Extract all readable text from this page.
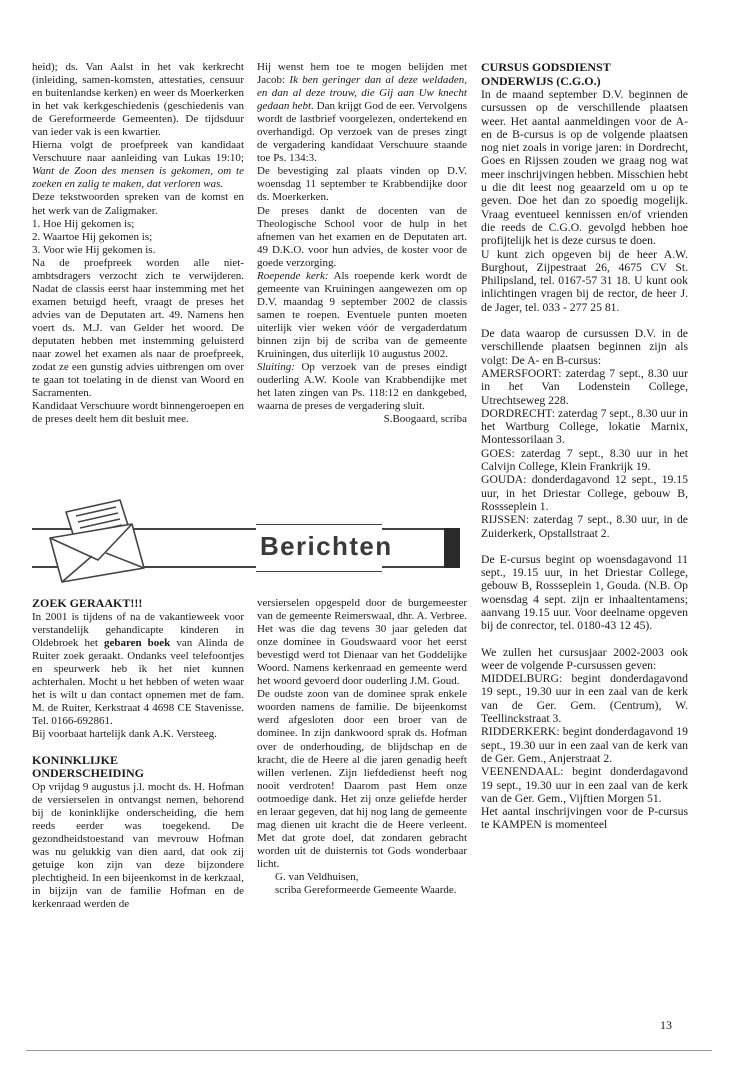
heid); ds. Van Aalst in het vak kerkrecht (inleiding, samen-komsten, attestaties, censuur en buitenlandse kerken) en weer ds Moerkerken in het vak kerkgeschiedenis (geschiedenis van de Gereformeerde Gemeenten). De tijdsduur van ieder vak is een kwartier.

Hierna volgt de proefpreek van kandidaat Verschuure naar aanleiding van Lukas 19:10; Want de Zoon des mensen is gekomen, om te zoeken en zalig te maken, dat verloren was.

Deze tekstwoorden spreken van de komst en het werk van de Zaligmaker.

1. Hoe Hij gekomen is;

2. Waartoe Hij gekomen is;

3. Voor wie Hij gekomen is.

Na de proefpreek worden alle niet-ambtsdragers verzocht zich te verwijderen. Nadat de classis eerst haar instemming met het examen betuigd heeft, vraagt de preses het advies van de Deputaten art. 49. Namens hen voert ds. M.J. van Gelder het woord. De deputaten hebben met instemming geluisterd naar zowel het examen als naar de proefpreek, zodat ze een gunstig advies uitbrengen om over te gaan tot toelating in de dienst van Woord en Sacramenten.

Kandidaat Verschuure wordt binnengeroepen en de preses deelt hem dit besluit mee.

Hij wenst hem toe te mogen belijden met Jacob: Ik ben geringer dan al deze weldaden, en dan al deze trouw, die Gij aan Uw knecht gedaan hebt. Dan krijgt God de eer. Vervolgens wordt de lastbrief voorgelezen, ondertekend en overhandigd. Op verzoek van de preses zingt de vergadering kandidaat Verschuure staande toe Ps. 134:3.

De bevestiging zal plaats vinden op D.V. woensdag 11 september te Krabbendijke door ds. Moerkerken.

De preses dankt de docenten van de Theologische School voor de hulp in het afnemen van het examen en de Deputaten art. 49 D.K.O. voor hun advies, de koster voor de goede verzorging.

Roepende kerk: Als roepende kerk wordt de gemeente van Kruiningen aangewezen om op D.V. maandag 9 september 2002 de classis samen te roepen. Eventuele punten moeten uiterlijk vier weken vóór de vergaderdatum binnen zijn bij de scriba van de gemeente Kruiningen, dus uiterlijk 10 augustus 2002.

Sluiting: Op verzoek van de preses eindigt ouderling A.W. Koole van Krabbendijke met het laten zingen van Ps. 118:12 en dankgebed, waarna de preses de vergadering sluit.

S.Boogaard, scriba

CURSUS GODSDIENST
ONDERWIJS (C.G.O.)

In de maand september D.V. beginnen de cursussen op de verschillende plaatsen weer. Het aantal aanmeldingen voor de A- en de B-cursus is op de volgende plaatsen nog niet zoals in vorige jaren: in Dordrecht, Goes en Rijssen zouden we graag nog wat meer inschrijvingen hebben. Misschien hebt u die dit leest nog geaarzeld om u op te geven. Doe het dan zo spoedig mogelijk. Vraag eventueel kennissen en/of vrienden die reeds de C.G.O. gevolgd hebben hoe profijtelijk het is deze cursus te doen.

U kunt zich opgeven bij de heer A.W. Burghout, Zijpestraat 26, 4675 CV St. Philipsland, tel. 0167-57 31 18. U kunt ook inlichtingen vragen bij de rector, de heer J. de Jager, tel. 033 - 277 25 81.

De data waarop de cursussen D.V. in de verschillende plaatsen beginnen zijn als volgt: De A- en B-cursus:

AMERSFOORT: zaterdag 7 sept., 8.30 uur in het Van Lodenstein College, Utrechtseweg 228.

DORDRECHT: zaterdag 7 sept., 8.30 uur in het Wartburg College, lokatie Marnix, Montessorilaan 3.

GOES: zaterdag 7 sept., 8.30 uur in het Calvijn College, Klein Frankrijk 19.

GOUDA: donderdagavond 12 sept., 19.15 uur, in het Driestar College, gebouw B, Rossseplein 1.

RIJSSEN: zaterdag 7 sept., 8.30 uur, in de Zuiderkerk, Opstallstraat 2.

De E-cursus begint op woensdagavond 11 sept., 19.15 uur, in het Driestar College, gebouw B, Rossseplein 1, Gouda. (N.B. Op woensdag 4 sept. zijn er inhaaltentamens; aanvang 19.15 uur. Voor deelname opgeven bij de conrector, tel. 0180-43 12 45).

We zullen het cursusjaar 2002-2003 ook weer de volgende P-cursussen geven:

MIDDELBURG: begint donderdagavond 19 sept., 19.30 uur in een zaal van de kerk van de Ger. Gem. (Centrum), W. Teellinckstraat 3.

RIDDERKERK: begint donderdagavond 19 sept., 19.30 uur in een zaal van de kerk van de Ger. Gem., Anjerstraat 2.

VEENENDAAL: begint donderdagavond 19 sept., 19.30 uur in een zaal van de kerk van de Ger. Gem., Vijftien Morgen 51.

Het aantal inschrijvingen voor de P-cursus te KAMPEN is momenteel

Berichten
ZOEK GERAAKT!!!

In 2001 is tijdens of na de vakantieweek voor verstandelijk gehandicapte kinderen in Oldebroek het gebaren boek van Alinda de Ruiter zoek geraakt. Ondanks veel telefoontjes en speurwerk heb ik het niet kunnen achterhalen. Mocht u het hebben of weten waar het is wilt u dan contact opnemen met de fam. M. de Ruiter, Kerkstraat 4 4698 CE Stavenisse. Tel. 0166-692861.

Bij voorbaat hartelijk dank A.K. Versteeg.

KONINKLIJKE
ONDERSCHEIDING

Op vrijdag 9 augustus j.l. mocht ds. H. Hofman de versierselen in ontvangst nemen, behorend bij de koninklijke onderscheiding, die hem reeds eerder was toegekend. De gezondheidstoestand van mevrouw Hofman was nu gelukkig van dien aard, dat ook zij getuige kon zijn van deze bijzondere plechtigheid. In een bijeenkomst in de kerkzaal, in bijzijn van de familie Hofman en de kerkenraad werden de

versierselen opgespeld door de burgemeester van de gemeente Reimerswaal, dhr. A. Verbree. Het was die dag tevens 30 jaar geleden dat onze dominee in Goudswaard voor het eerst bevestigd werd tot Dienaar van het Goddelijke Woord. Namens kerkenraad en gemeente werd het woord gevoerd door ouderling J.M. Goud.

De oudste zoon van de dominee sprak enkele woorden namens de familie. De bijeenkomst werd afgesloten door een broer van de dominee. In zijn dankwoord sprak ds. Hofman over de onderhouding, de blijdschap en de kracht, die de Heere al die jaren genadig heeft willen verlenen. Zijn liefdedienst heeft nog nooit verdroten! Daarom past Hem onze ootmoedige dank. Het zij onze geliefde herder en leraar gegeven, dat hij nog lang de gemeente mag dienen uit kracht die de Heere verleent. Met dat grote doel, dat zondaren gebracht worden uit de duisternis tot Gods wonderbaar licht.

G. van Veldhuisen,

scriba Gereformeerde Gemeente Waarde.

13
